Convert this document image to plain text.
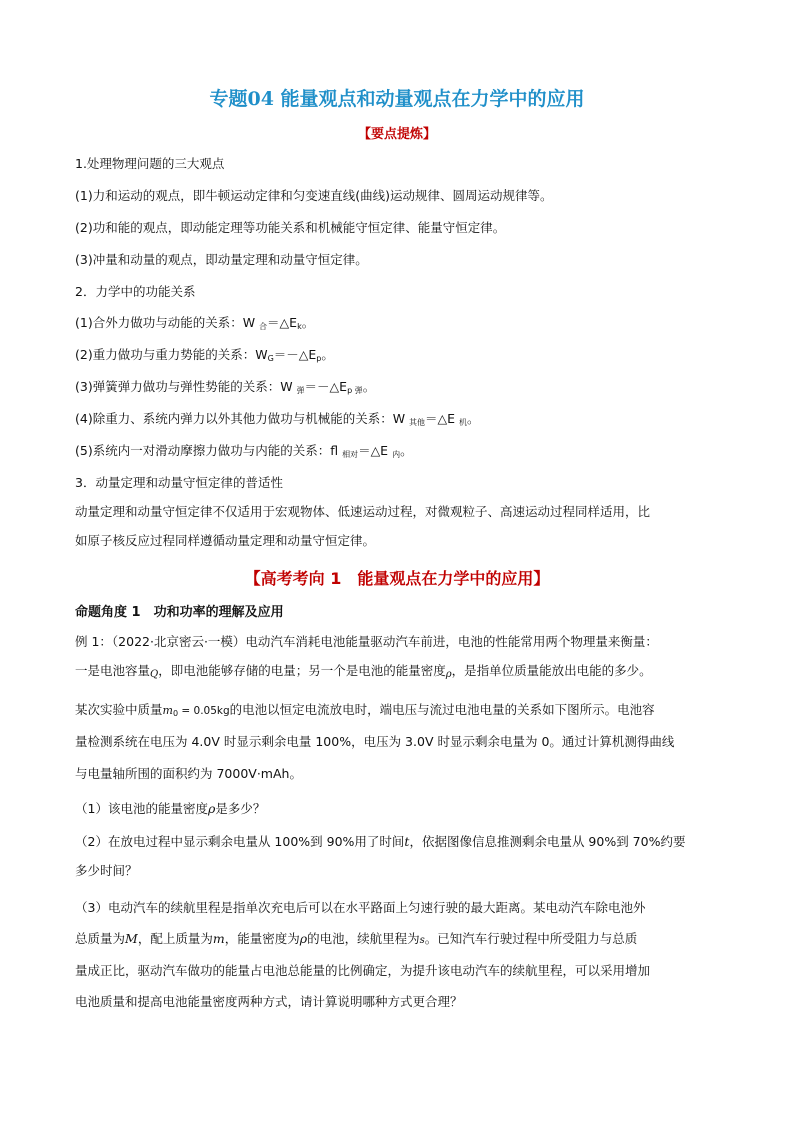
专题04 能量观点和动量观点在力学中的应用
【要点提炼】
1.处理物理问题的三大观点
(1)力和运动的观点，即牛顿运动定律和匀变速直线(曲线)运动规律、圆周运动规律等。
(2)功和能的观点，即动能定理等功能关系和机械能守恒定律、能量守恒定律。
(3)冲量和动量的观点，即动量定理和动量守恒定律。
2．力学中的功能关系
(1)合外力做功与动能的关系：W $_合=\triangle E_k$。
(2)重力做功与重力势能的关系：$W_G=-\triangle E_p$。
(3)弹簧弹力做功与弹性势能的关系：W $_弹=-\triangle E_{p 弹}$。
(4)除重力、系统内弹力以外其他力做功与机械能的关系：W $_{其他}$＝△E $_机$。
(5)系统内一对滑动摩擦力做功与内能的关系：fl $_{相对}$＝△E $_内$。
3．动量定理和动量守恒定律的普适性
动量定理和动量守恒定律不仅适用于宏观物体、低速运动过程，对微观粒子、高速运动过程同样适用，比
如原子核反应过程同样遵循动量定理和动量守恒定律。
【高考考向 1　能量观点在力学中的应用】
命题角度 1　功和功率的理解及应用
例 1：（2022·北京密云·一模）电动汽车消耗电池能量驱动汽车前进，电池的性能常用两个物理量来衡量：
一是电池容量$_Q$，即电池能够存储的电量；另一个是电池的能量密度$_\rho$，是指单位质量能放出电能的多少。
某次实验中质量$m_0 = 0.05kg$的电池以恒定电流放电时，端电压与流过电池电量的关系如下图所示。电池容
量检测系统在电压为 4.0V 时显示剩余电量 100%，电压为 3.0V 时显示剩余电量为 0。通过计算机测得曲线
与电量轴所围的面积约为 7000V·mAh。
（1）该电池的能量密度ρ是多少？
（2）在放电过程中显示剩余电量从 100%到 90%用了时间t，依据图像信息推测剩余电量从 90%到 70%约要
多少时间？
（3）电动汽车的续航里程是指单次充电后可以在水平路面上匀速行驶的最大距离。某电动汽车除电池外
总质量为M，配上质量为m，能量密度为ρ的电池，续航里程为s。已知汽车行驶过程中所受阻力与总质
量成正比，驱动汽车做功的能量占电池总能量的比例确定，为提升该电动汽车的续航里程，可以采用增加
电池质量和提高电池能量密度两种方式，请计算说明哪种方式更合理？
